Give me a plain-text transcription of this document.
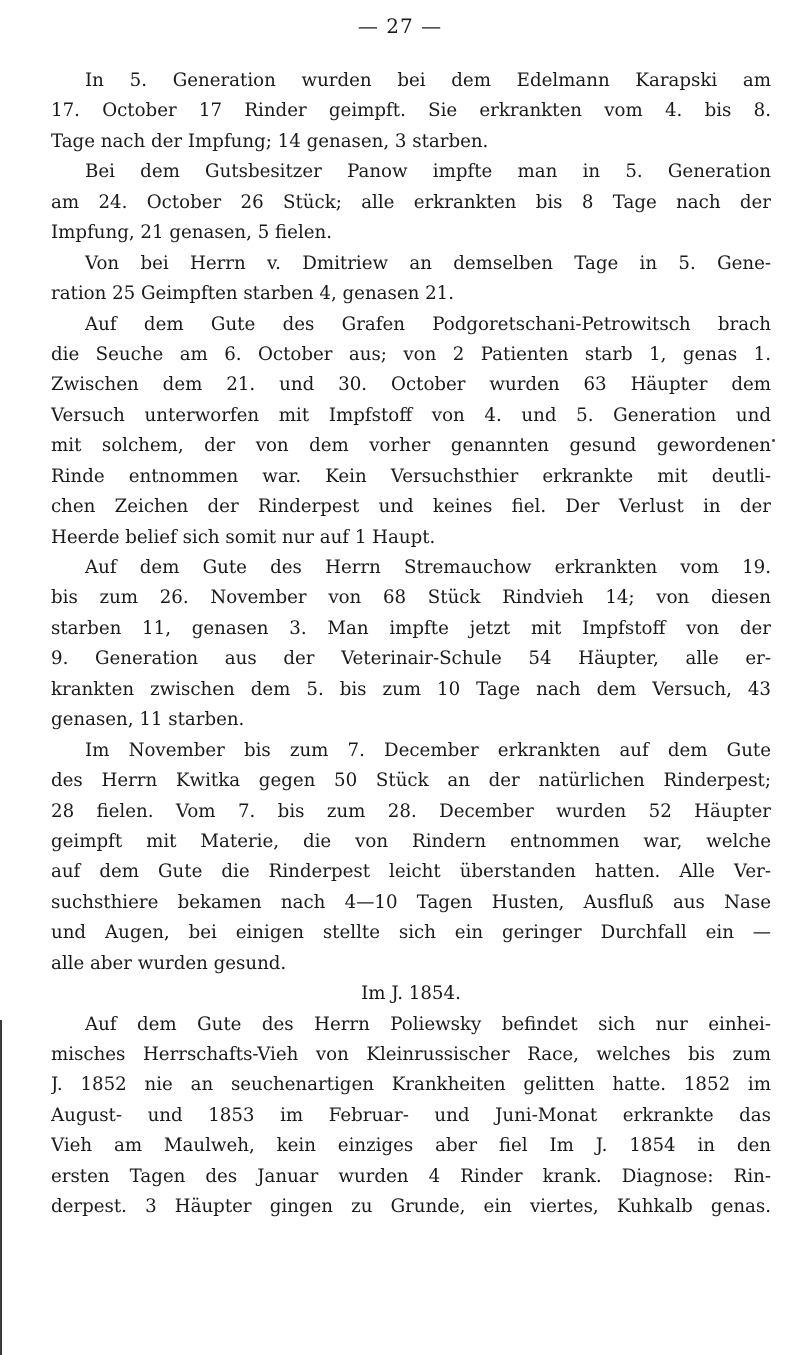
— 27 —
In 5. Generation wurden bei dem Edelmann Karapski am
17. October 17 Rinder geimpft. Sie erkrankten vom 4. bis 8.
Tage nach der Impfung; 14 genasen, 3 starben.
Bei dem Gutsbesitzer Panow impfte man in 5. Generation
am 24. October 26 Stück; alle erkrankten bis 8 Tage nach der
Impfung, 21 genasen, 5 fielen.
Von bei Herrn v. Dmitriew an demselben Tage in 5. Gene-
ration 25 Geimpften starben 4, genasen 21.
Auf dem Gute des Grafen Podgoretschani-Petrowitsch brach
die Seuche am 6. October aus; von 2 Patienten starb 1, genas 1.
Zwischen dem 21. und 30. October wurden 63 Häupter dem
Versuch unterworfen mit Impfstoff von 4. und 5. Generation und
mit solchem, der von dem vorher genannten gesund gewordenen
Rinde entnommen war. Kein Versuchsthier erkrankte mit deutli-
chen Zeichen der Rinderpest und keines fiel. Der Verlust in der
Heerde belief sich somit nur auf 1 Haupt.
Auf dem Gute des Herrn Stremauchow erkrankten vom 19.
bis zum 26. November von 68 Stück Rindvieh 14; von diesen
starben 11, genasen 3. Man impfte jetzt mit Impfstoff von der
9. Generation aus der Veterinair-Schule 54 Häupter, alle er-
krankten zwischen dem 5. bis zum 10 Tage nach dem Versuch, 43
genasen, 11 starben.
Im November bis zum 7. December erkrankten auf dem Gute
des Herrn Kwitka gegen 50 Stück an der natürlichen Rinderpest;
28 fielen. Vom 7. bis zum 28. December wurden 52 Häupter
geimpft mit Materie, die von Rindern entnommen war, welche
auf dem Gute die Rinderpest leicht überstanden hatten. Alle Ver-
suchsthiere bekamen nach 4—10 Tagen Husten, Ausfluß aus Nase
und Augen, bei einigen stellte sich ein geringer Durchfall ein —
alle aber wurden gesund.
Im J. 1854.
Auf dem Gute des Herrn Poliewsky befindet sich nur einhei-
misches Herrschafts-Vieh von Kleinrussischer Race, welches bis zum
J. 1852 nie an seuchenartigen Krankheiten gelitten hatte. 1852 im
August- und 1853 im Februar- und Juni-Monat erkrankte das
Vieh am Maulweh, kein einziges aber fiel Im J. 1854 in den
ersten Tagen des Januar wurden 4 Rinder krank. Diagnose: Rin-
derpest. 3 Häupter gingen zu Grunde, ein viertes, Kuhkalb genas.
